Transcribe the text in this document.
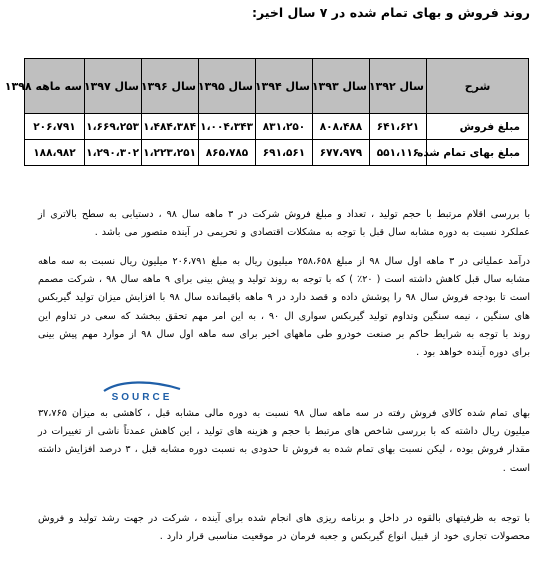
روند فروش و بهای تمام شده در ۷ سال اخیر:
شرح	سال ۱۳۹۲	سال ۱۳۹۳	سال ۱۳۹۴	سال ۱۳۹۵	سال ۱۳۹۶	سال ۱۳۹۷	سه ماهه ۱۳۹۸
مبلغ فروش	۶۴۱،۶۲۱	۸۰۸،۴۸۸	۸۳۱،۲۵۰	۱،۰۰۴،۳۴۳	۱،۴۸۴،۳۸۴	۱،۶۶۹،۲۵۳	۲۰۶،۷۹۱
مبلغ بهای تمام شده	۵۵۱،۱۱۶	۶۷۷،۹۷۹	۶۹۱،۵۶۱	۸۶۵،۷۸۵	۱،۲۲۳،۲۵۱	۱،۲۹۰،۳۰۲	۱۸۸،۹۸۲

با بررسی اقلام مرتبط با حجم تولید ، تعداد و مبلغ فروش شرکت در ۳ ماهه سال ۹۸ ، دستیابی به سطح بالاتری از عملکرد نسبت به دوره مشابه سال قبل با توجه به مشکلات اقتصادی و تحریمی در آینده متصور می باشد .

درآمد عملیاتی در ۳ ماهه اول سال ۹۸ از مبلغ ۲۵۸،۶۵۸ میلیون ریال به مبلغ ۲۰۶،۷۹۱ میلیون ریال نسبت به سه ماهه مشابه سال قبل کاهش داشته است ( ۲۰٪ ) که با توجه به روند تولید و پیش بینی برای ۹ ماهه سال ۹۸ ، شرکت مصمم است تا بودجه فروش سال ۹۸ را پوشش داده و قصد دارد در ۹ ماهه باقیمانده سال ۹۸ با افزایش میزان تولید گیربکس های سنگین ، نیمه سنگین وتداوم تولید گیربکس سواری ال ۹۰ ، به این امر مهم تحقق ببخشد که سعی در تداوم این روند با توجه به شرایط حاکم بر صنعت خودرو طی ماههای اخیر برای سه ماهه اول سال ۹۸ از موارد مهم پیش بینی برای دوره آینده خواهد بود .

SOURCE

بهای تمام شده کالای فروش رفته در سه ماهه سال ۹۸ نسبت به دوره مالی مشابه قبل ، کاهشی به میزان ۳۷،۷۶۵ میلیون ریال داشته که با بررسی شاخص های مرتبط با حجم و هزینه های تولید ، این کاهش عمدتاً ناشی از تغییرات در مقدار فروش بوده ، لیکن نسبت بهای تمام شده به فروش تا حدودی به نسبت دوره مشابه قبل ، ۳ درصد افزایش داشته است .

با توجه به ظرفیتهای بالقوه در داخل و برنامه ریزی های انجام شده برای آینده ، شرکت در جهت رشد تولید و فروش محصولات تجاری خود از قبیل انواع گیربکس و جعبه فرمان در موقعیت مناسبی قرار دارد .
